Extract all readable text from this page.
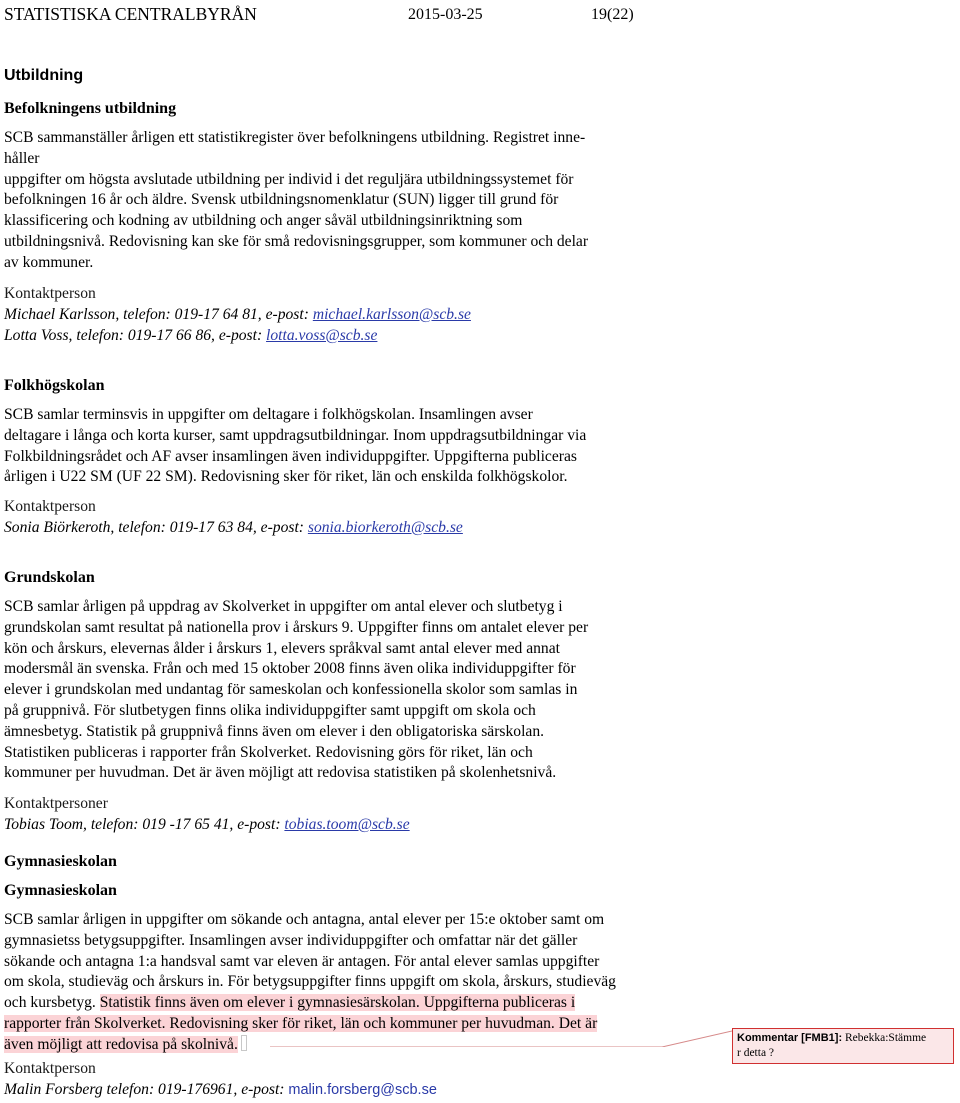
STATISTISKA CENTRALBYRÅN	2015-03-25	19(22)
Utbildning
Befolkningens utbildning
SCB sammanställer årligen ett statistikregister över befolkningens utbildning. Registret inne-
håller
uppgifter om högsta avslutade utbildning per individ i det reguljära utbildningssystemet för
befolkningen 16 år och äldre. Svensk utbildningsnomenklatur (SUN) ligger till grund för
klassificering och kodning av utbildning och anger såväl utbildningsinriktning som
utbildningsnivå. Redovisning kan ske för små redovisningsgrupper, som kommuner och delar
av kommuner.
Kontaktperson
Michael Karlsson, telefon: 019-17 64 81, e-post: michael.karlsson@scb.se
Lotta Voss, telefon: 019-17 66 86, e-post: lotta.voss@scb.se
Folkhögskolan
SCB samlar terminsvis in uppgifter om deltagare i folkhögskolan. Insamlingen avser
deltagare i långa och korta kurser, samt uppdragsutbildningar. Inom uppdragsutbildningar via
Folkbildningsrådet och AF avser insamlingen även individuppgifter. Uppgifterna publiceras
årligen i U22 SM (UF 22 SM). Redovisning sker för riket, län och enskilda folkhögskolor.
Kontaktperson
Sonia Biörkeroth, telefon: 019-17 63 84, e-post: sonia.biorkeroth@scb.se
Grundskolan
SCB samlar årligen på uppdrag av Skolverket in uppgifter om antal elever och slutbetyg i
grundskolan samt resultat på nationella prov i årskurs 9. Uppgifter finns om antalet elever per
kön och årskurs, elevernas ålder i årskurs 1, elevers språkval samt antal elever med annat
modersmål än svenska. Från och med 15 oktober 2008 finns även olika individuppgifter för
elever i grundskolan med undantag för sameskolan och konfessionella skolor som samlas in
på gruppnivå. För slutbetygen finns olika individuppgifter samt uppgift om skola och
ämnesbetyg. Statistik på gruppnivå finns även om elever i den obligatoriska särskolan.
Statistiken publiceras i rapporter från Skolverket. Redovisning görs för riket, län och
kommuner per huvudman. Det är även möjligt att redovisa statistiken på skolenhetsnivå.
Kontaktpersoner
Tobias Toom, telefon: 019 -17 65 41, e-post: tobias.toom@scb.se
Gymnasieskolan
Gymnasieskolan
SCB samlar årligen in uppgifter om sökande och antagna, antal elever per 15:e oktober samt om
gymnasietss betygsuppgifter. Insamlingen avser individuppgifter och omfattar när det gäller
sökande och antagna 1:a handsval samt var eleven är antagen. För antal elever samlas uppgifter
om skola, studieväg och årskurs in. För betygsuppgifter finns uppgift om skola, årskurs, studieväg
och kursbetyg. Statistik finns även om elever i gymnasiesärskolan. Uppgifterna publiceras i
rapporter från Skolverket. Redovisning sker för riket, län och kommuner per huvudman. Det är
även möjligt att redovisa på skolnivå.
Kontaktperson
Malin Forsberg telefon: 019-176961, e-post: malin.forsberg@scb.se
Kommentar [FMB1]: Rebekka:Stämme
r detta ?
